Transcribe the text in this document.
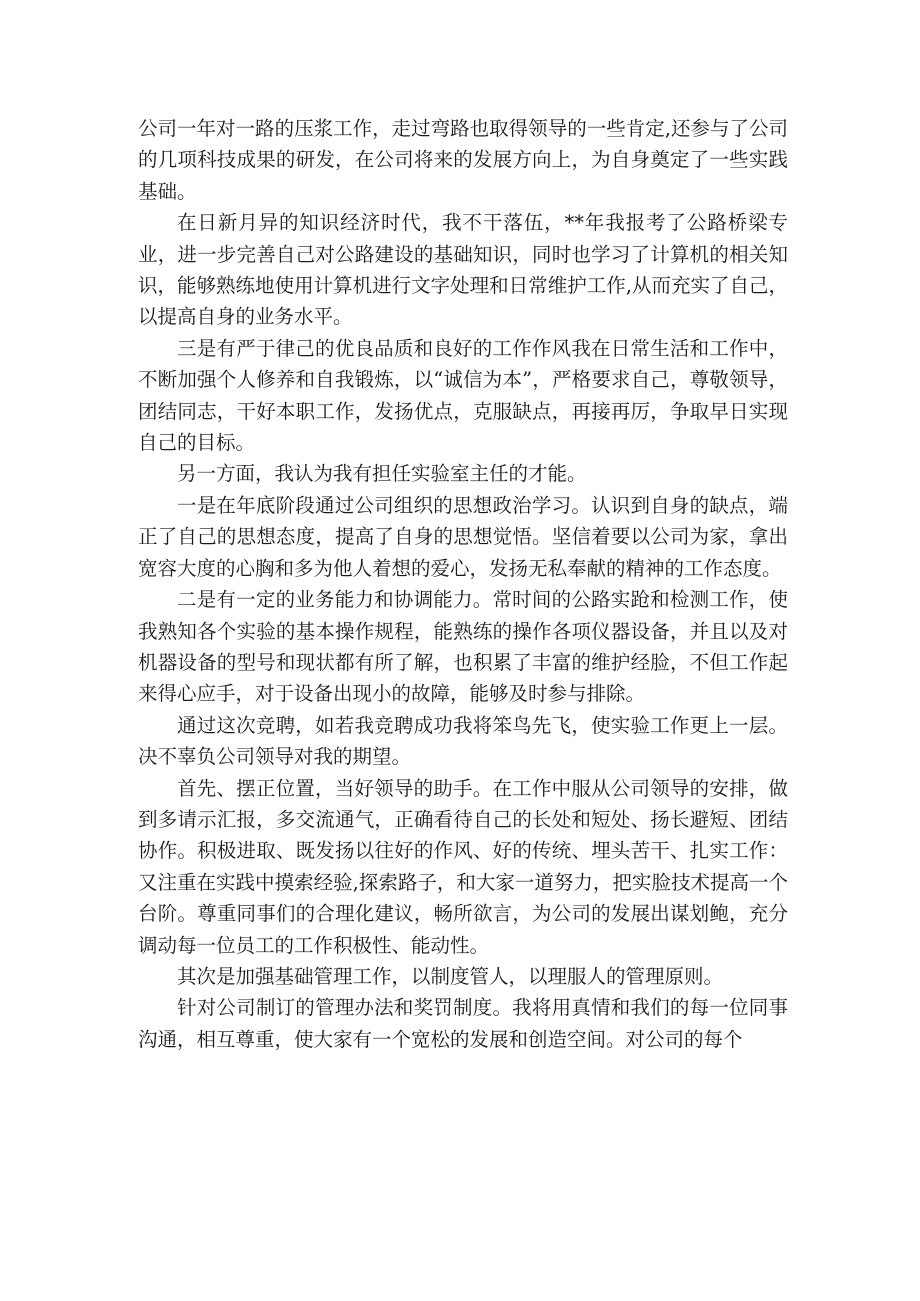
公司一年对一路的压浆工作，走过弯路也取得领导的一些肯定,还参与了公司的几项科技成果的研发，在公司将来的发展方向上，为自身奠定了一些实践基础。

在日新月异的知识经济时代，我不干落伍，**年我报考了公路桥梁专业，进一步完善自己对公路建设的基础知识，同时也学习了计算机的相关知识，能够熟练地使用计算机进行文字处理和日常维护工作,从而充实了自己，以提高自身的业务水平。

三是有严于律己的优良品质和良好的工作作风我在日常生活和工作中，不断加强个人修养和自我锻炼，以“诚信为本”，严格要求自己，尊敬领导，团结同志，干好本职工作，发扬优点，克服缺点，再接再厉，争取早日实现自己的目标。

另一方面，我认为我有担任实验室主任的才能。

一是在年底阶段通过公司组织的思想政治学习。认识到自身的缺点，端正了自己的思想态度，提高了自身的思想觉悟。坚信着要以公司为家，拿出宽容大度的心胸和多为他人着想的爱心，发扬无私奉献的精神的工作态度。

二是有一定的业务能力和协调能力。常时间的公路实跄和检测工作，使我熟知各个实验的基本操作规程，能熟练的操作各项仪器设备，并且以及对机器设备的型号和现状都有所了解，也积累了丰富的维护经脸，不但工作起来得心应手，对于设备出现小的故障，能够及时参与排除。

通过这次竞聘，如若我竞聘成功我将笨鸟先飞，使实验工作更上一层。决不辜负公司领导对我的期望。

首先、摆正位置，当好领导的助手。在工作中服从公司领导的安排，做到多请示汇报，多交流通气，正确看待自己的长处和短处、扬长避短、团结协作。积极进取、既发扬以往好的作风、好的传统、埋头苦干、扎实工作：又注重在实践中摸索经验,探索路子，和大家一道努力，把实脸技术提高一个台阶。尊重同事们的合理化建议，畅所欲言，为公司的发展出谋划鲍，充分调动每一位员工的工作积极性、能动性。

其次是加强基础管理工作，以制度管人，以理服人的管理原则。

针对公司制订的管理办法和奖罚制度。我将用真情和我们的每一位同事沟通，相互尊重，使大家有一个宽松的发展和创造空间。对公司的每个
